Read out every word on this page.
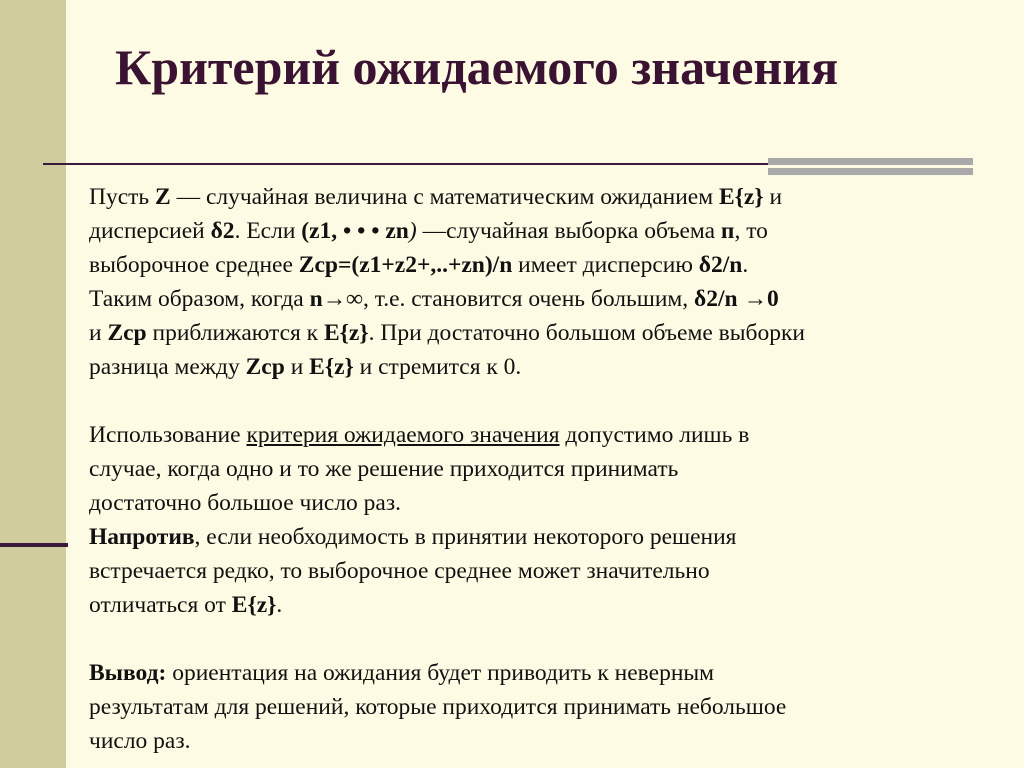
Критерий ожидаемого значения

Пусть Z — случайная величина с математическим ожиданием E{z} и
дисперсией δ2. Если (z1, • • • zn) —случайная выборка объема п, то
выборочное среднее Zср=(z1+z2+,..+zn)/n имеет дисперсию δ2/n.
Таким образом, когда n→∞, т.е. становится очень большим, δ2/n →0
и Zср приближаются к E{z}. При достаточно большом объеме выборки
разница между Zср и E{z} и стремится к 0.

Использование критерия ожидаемого значения допустимо лишь в
случае, когда одно и то же решение приходится принимать
достаточно большое число раз.

Напротив, если необходимость в принятии некоторого решения
встречается редко, то выборочное среднее может значительно
отличаться от E{z}.

Вывод: ориентация на ожидания будет приводить к неверным
результатам для решений, которые приходится принимать небольшое
число раз.
